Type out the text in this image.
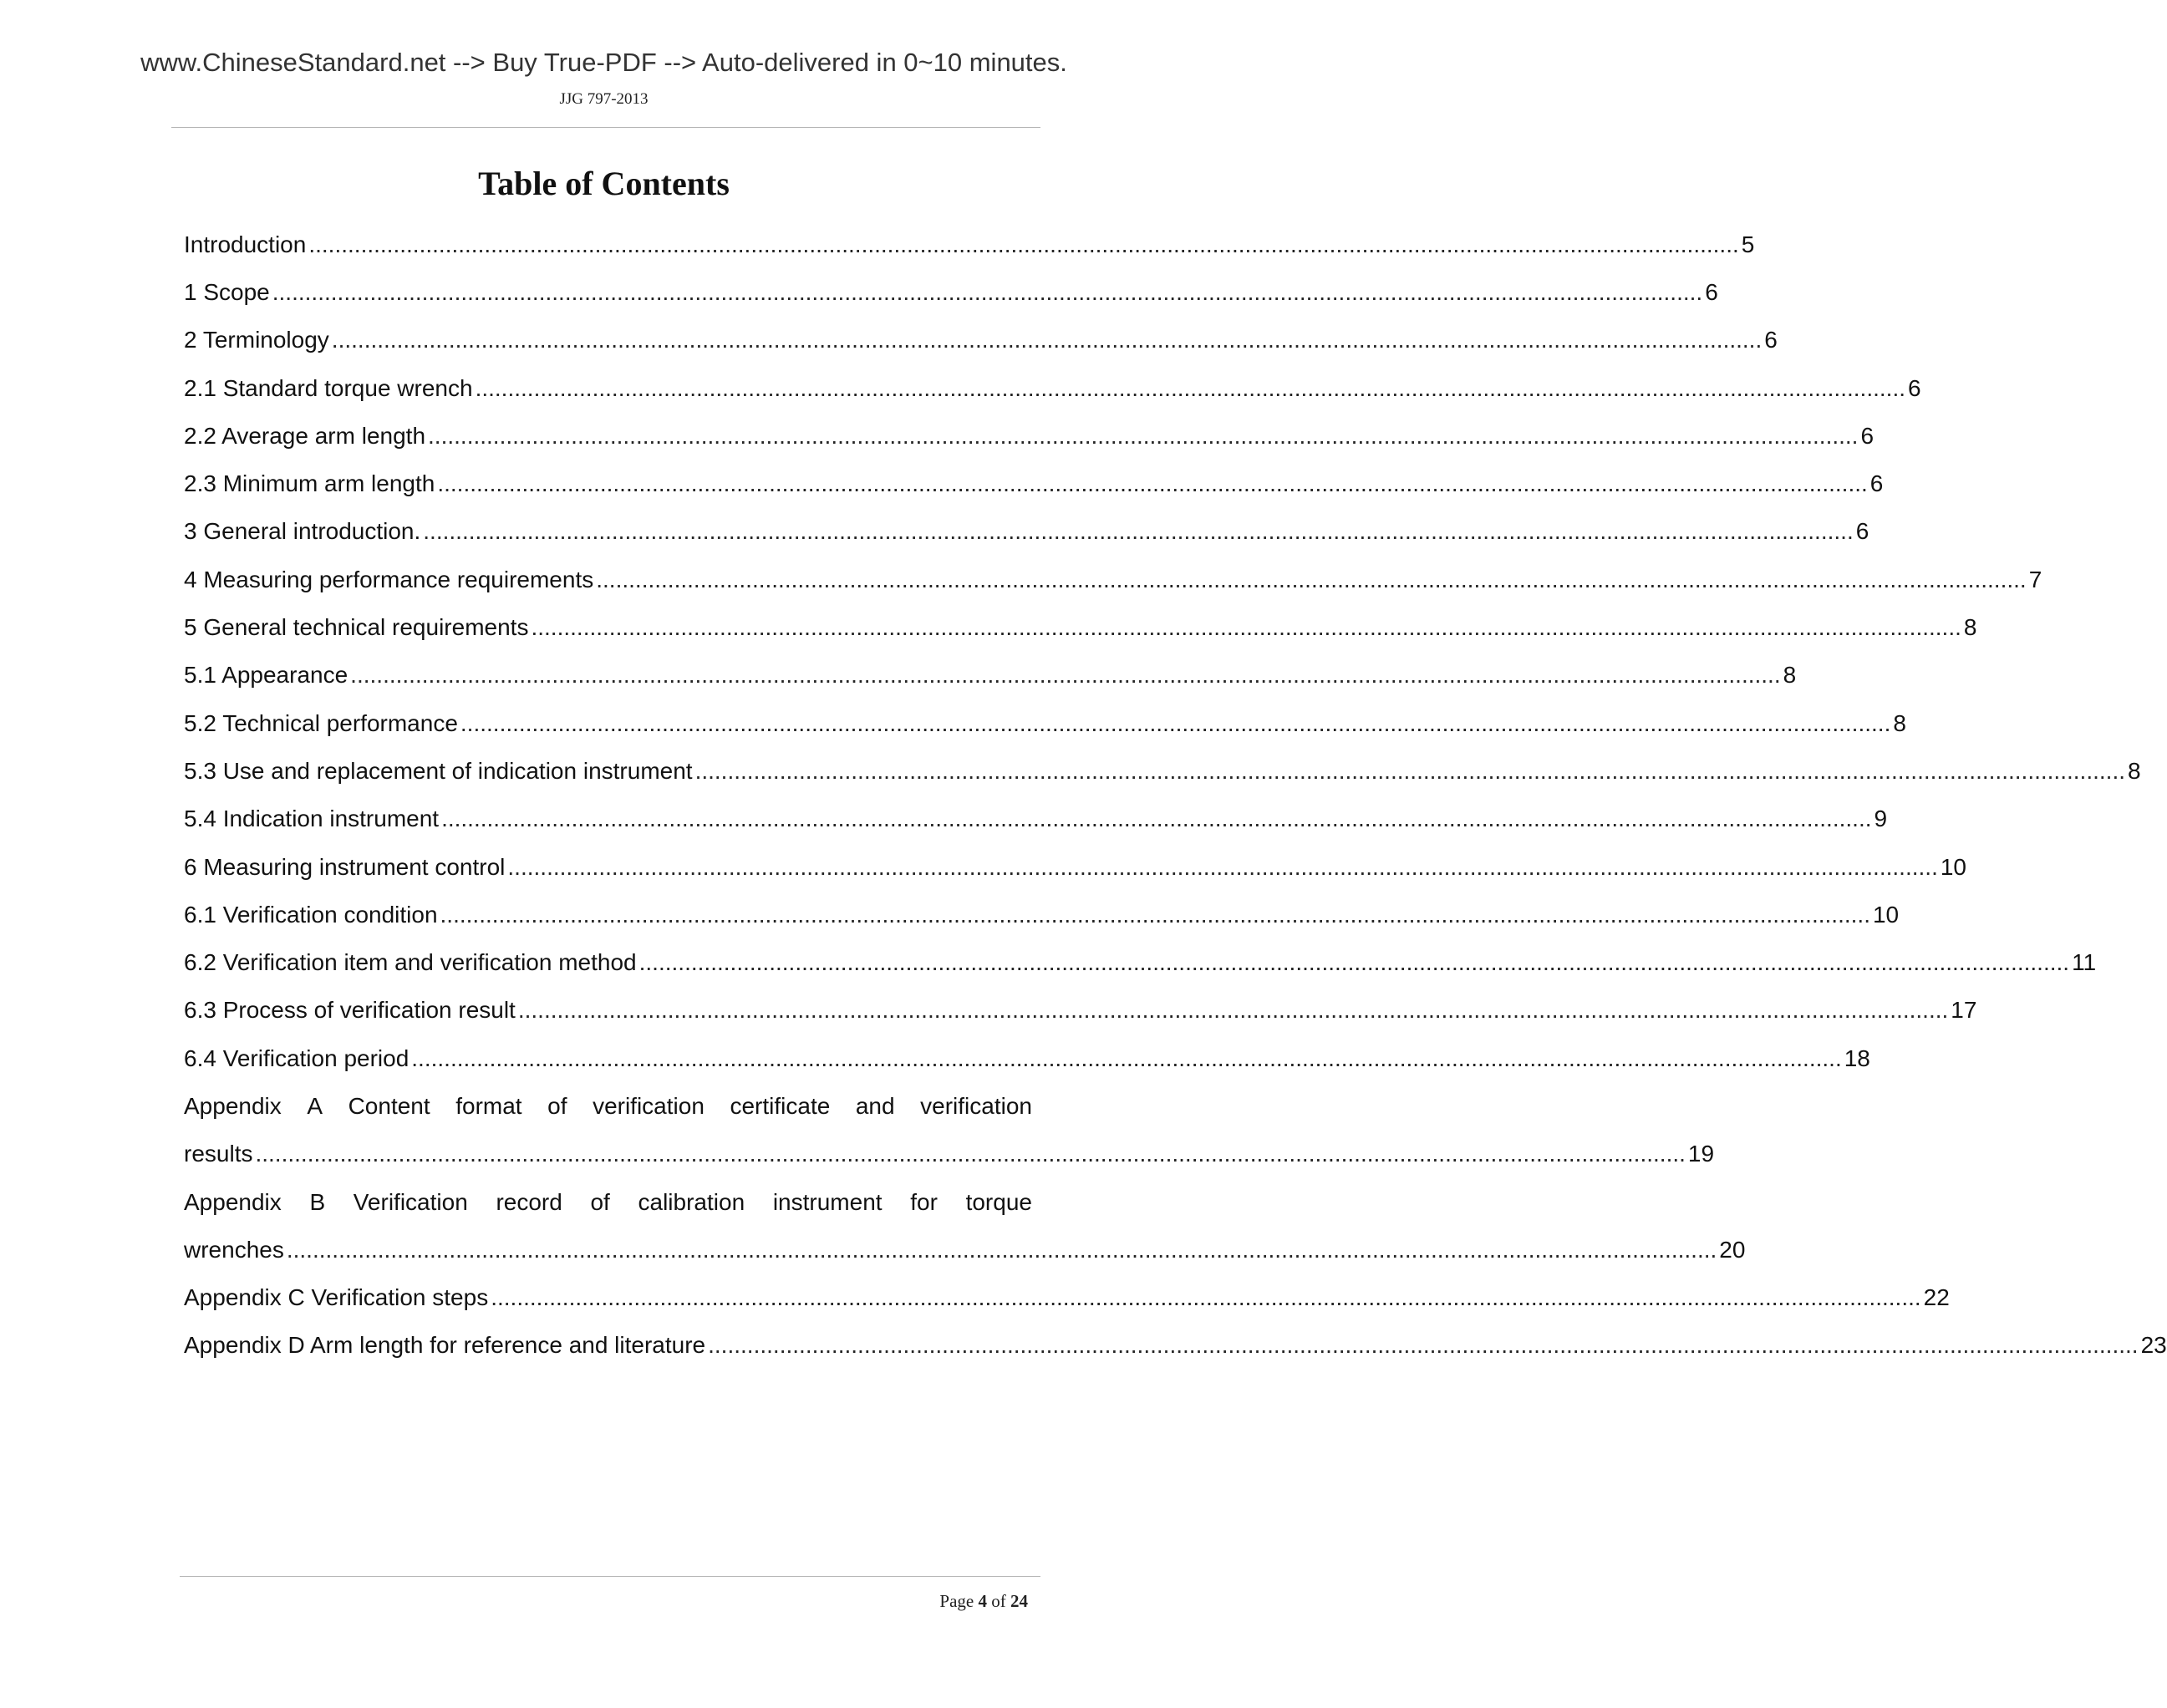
www.ChineseStandard.net --> Buy True-PDF --> Auto-delivered in 0~10 minutes.
JJG 797-2013
Table of Contents
Introduction ............................................................................................................................................................................................................................ 5
1 Scope ............................................................................................................................................................................................................................ 6
2 Terminology ............................................................................................................................................................................................................................ 6
2.1 Standard torque wrench ............................................................................................................................................................................................................................ 6
2.2 Average arm length ............................................................................................................................................................................................................................ 6
2.3 Minimum arm length ............................................................................................................................................................................................................................ 6
3 General introduction. ............................................................................................................................................................................................................................ 6
4 Measuring performance requirements ............................................................................................................................................................................................................................ 7
5 General technical requirements ............................................................................................................................................................................................................................ 8
5.1 Appearance ............................................................................................................................................................................................................................ 8
5.2 Technical performance ............................................................................................................................................................................................................................ 8
5.3 Use and replacement of indication instrument ............................................................................................................................................................................................................................ 8
5.4 Indication instrument ............................................................................................................................................................................................................................ 9
6 Measuring instrument control ............................................................................................................................................................................................................................ 10
6.1 Verification condition ............................................................................................................................................................................................................................ 10
6.2 Verification item and verification method ............................................................................................................................................................................................................................ 11
6.3 Process of verification result ............................................................................................................................................................................................................................ 17
6.4 Verification period ............................................................................................................................................................................................................................ 18
Appendix A Content format of verification certificate and verification
results ............................................................................................................................................................................................................................ 19
Appendix B Verification record of calibration instrument for torque
wrenches ............................................................................................................................................................................................................................ 20
Appendix C Verification steps ............................................................................................................................................................................................................................ 22
Appendix D Arm length for reference and literature ............................................................................................................................................................................................................................ 23
Page 4 of 24
